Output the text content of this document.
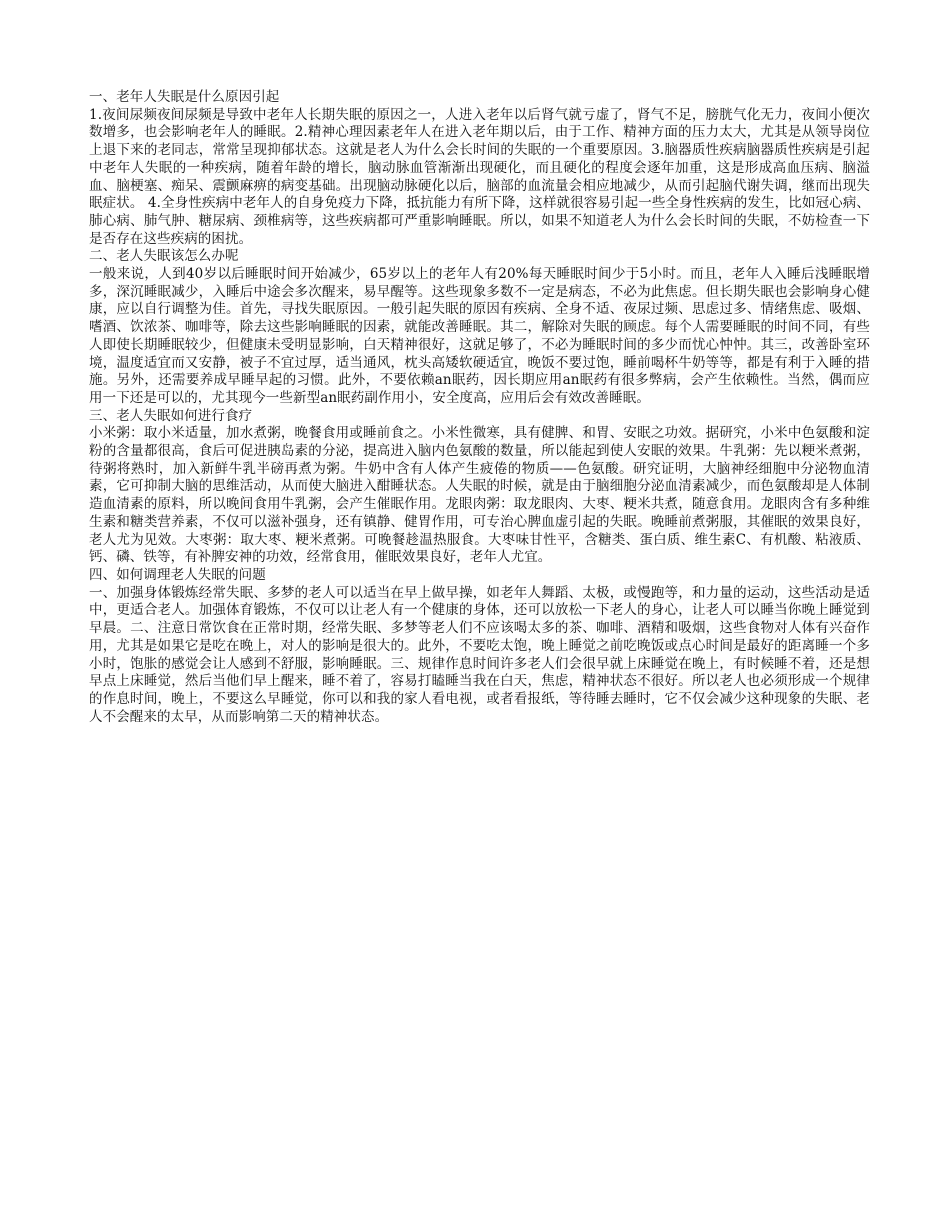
一、老年人失眠是什么原因引起

1.夜间尿频夜间尿频是导致中老年人长期失眠的原因之一，人进入老年以后肾气就亏虚了，肾气不足，膀胱气化无力，夜间小便次数增多，也会影响老年人的睡眠。2.精神心理因素老年人在进入老年期以后，由于工作、精神方面的压力太大，尤其是从领导岗位上退下来的老同志，常常呈现抑郁状态。这就是老人为什么会长时间的失眠的一个重要原因。3.脑器质性疾病脑器质性疾病是引起中老年人失眠的一种疾病，随着年龄的增长，脑动脉血管渐渐出现硬化，而且硬化的程度会逐年加重，这是形成高血压病、脑溢血、脑梗塞、痴呆、震颤麻痹的病变基础。出现脑动脉硬化以后，脑部的血流量会相应地减少，从而引起脑代谢失调，继而出现失眠症状。 4.全身性疾病中老年人的自身免疫力下降，抵抗能力有所下降，这样就很容易引起一些全身性疾病的发生，比如冠心病、肺心病、肺气肿、糖尿病、颈椎病等，这些疾病都可严重影响睡眠。所以，如果不知道老人为什么会长时间的失眠，不妨检查一下是否存在这些疾病的困扰。

二、老人失眠该怎么办呢

一般来说，人到40岁以后睡眠时间开始减少，65岁以上的老年人有20%每天睡眠时间少于5小时。而且，老年人入睡后浅睡眠增多，深沉睡眠减少，入睡后中途会多次醒来，易早醒等。这些现象多数不一定是病态，不必为此焦虑。但长期失眠也会影响身心健康，应以自行调整为佳。首先，寻找失眠原因。一般引起失眠的原因有疾病、全身不适、夜尿过频、思虑过多、情绪焦虑、吸烟、嗜酒、饮浓茶、咖啡等，除去这些影响睡眠的因素，就能改善睡眠。其二，解除对失眠的顾虑。每个人需要睡眠的时间不同，有些人即使长期睡眠较少，但健康未受明显影响，白天精神很好，这就足够了，不必为睡眠时间的多少而忧心忡忡。其三，改善卧室环境，温度适宜而又安静，被子不宜过厚，适当通风，枕头高矮软硬适宜，晚饭不要过饱，睡前喝杯牛奶等等，都是有利于入睡的措施。另外，还需要养成早睡早起的习惯。此外，不要依赖an眠药，因长期应用an眠药有很多弊病，会产生依赖性。当然，偶而应用一下还是可以的，尤其现今一些新型an眠药副作用小，安全度高，应用后会有效改善睡眠。

三、老人失眠如何进行食疗

小米粥：取小米适量，加水煮粥，晚餐食用或睡前食之。小米性微寒，具有健脾、和胃、安眠之功效。据研究，小米中色氨酸和淀粉的含量都很高，食后可促进胰岛素的分泌，提高进入脑内色氨酸的数量，所以能起到使人安眠的效果。牛乳粥：先以粳米煮粥，待粥将熟时，加入新鲜牛乳半磅再煮为粥。牛奶中含有人体产生疲倦的物质——色氨酸。研究证明，大脑神经细胞中分泌物血清素，它可抑制大脑的思维活动，从而使大脑进入酣睡状态。人失眠的时候，就是由于脑细胞分泌血清素减少，而色氨酸却是人体制造血清素的原料，所以晚间食用牛乳粥，会产生催眠作用。龙眼肉粥：取龙眼肉、大枣、粳米共煮，随意食用。龙眼肉含有多种维生素和糖类营养素，不仅可以滋补强身，还有镇静、健胃作用，可专治心脾血虚引起的失眠。晚睡前煮粥服，其催眠的效果良好，老人尤为见效。大枣粥：取大枣、粳米煮粥。可晚餐趁温热服食。大枣味甘性平，含糖类、蛋白质、维生素C、有机酸、粘液质、钙、磷、铁等，有补脾安神的功效，经常食用，催眠效果良好，老年人尤宜。

四、如何调理老人失眠的问题

一、加强身体锻炼经常失眠、多梦的老人可以适当在早上做早操，如老年人舞蹈、太极，或慢跑等，和力量的运动，这些活动是适中，更适合老人。加强体育锻炼，不仅可以让老人有一个健康的身体，还可以放松一下老人的身心，让老人可以睡当你晚上睡觉到早晨。二、注意日常饮食在正常时期，经常失眠、多梦等老人们不应该喝太多的茶、咖啡、酒精和吸烟，这些食物对人体有兴奋作用，尤其是如果它是吃在晚上，对人的影响是很大的。此外，不要吃太饱，晚上睡觉之前吃晚饭或点心时间是最好的距离睡一个多小时，饱胀的感觉会让人感到不舒服，影响睡眠。三、规律作息时间许多老人们会很早就上床睡觉在晚上，有时候睡不着，还是想早点上床睡觉，然后当他们早上醒来，睡不着了，容易打瞌睡当我在白天，焦虑，精神状态不很好。所以老人也必须形成一个规律的作息时间，晚上，不要这么早睡觉，你可以和我的家人看电视，或者看报纸，等待睡去睡时，它不仅会减少这种现象的失眠、老人不会醒来的太早，从而影响第二天的精神状态。
